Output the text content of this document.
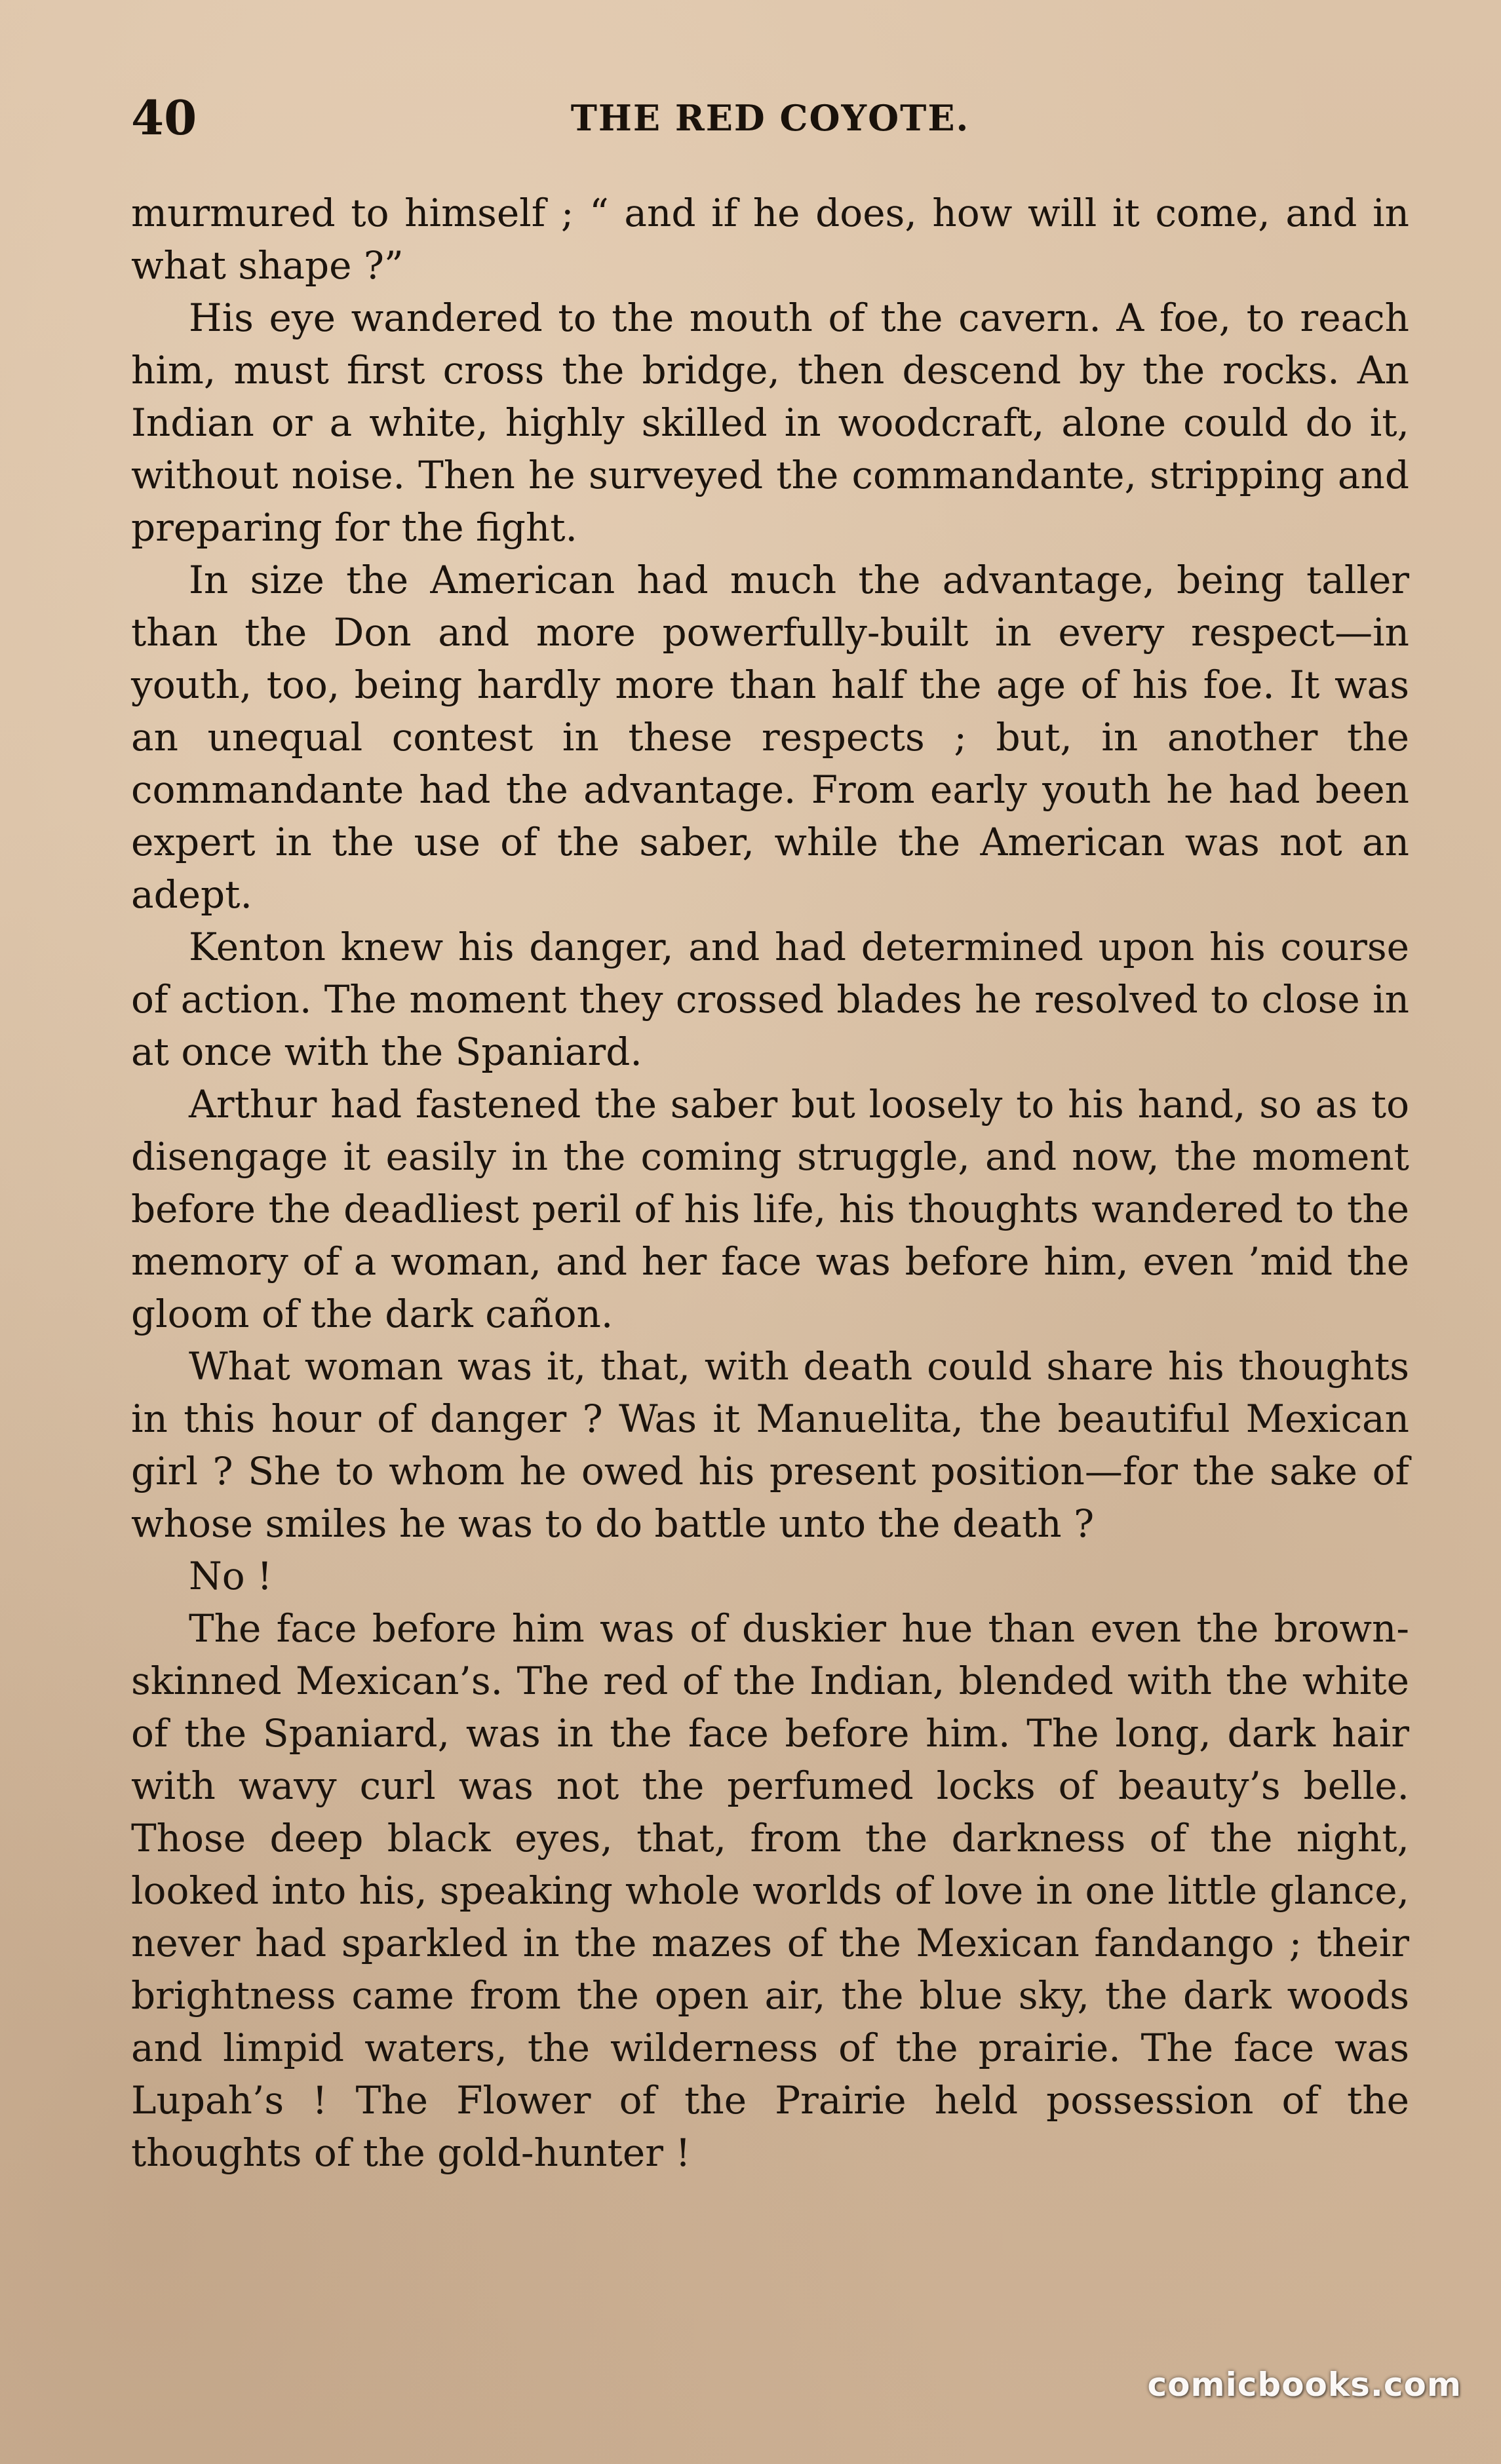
40	THE RED COYOTE.

murmured to himself ; “ and if he does, how will it come, and in what shape ?”

His eye wandered to the mouth of the cavern. A foe, to reach him, must first cross the bridge, then descend by the rocks. An Indian or a white, highly skilled in woodcraft, alone could do it, without noise. Then he surveyed the commandante, stripping and preparing for the fight.

In size the American had much the advantage, being taller than the Don and more powerfully-built in every respect—in youth, too, being hardly more than half the age of his foe. It was an unequal contest in these respects ; but, in another the commandante had the advantage. From early youth he had been expert in the use of the saber, while the American was not an adept.

Kenton knew his danger, and had determined upon his course of action. The moment they crossed blades he resolved to close in at once with the Spaniard.

Arthur had fastened the saber but loosely to his hand, so as to disengage it easily in the coming struggle, and now, the moment before the deadliest peril of his life, his thoughts wandered to the memory of a woman, and her face was before him, even ’mid the gloom of the dark cañon.

What woman was it, that, with death could share his thoughts in this hour of danger ? Was it Manuelita, the beautiful Mexican girl ? She to whom he owed his present position—for the sake of whose smiles he was to do battle unto the death ?

No !

The face before him was of duskier hue than even the brown-skinned Mexican’s. The red of the Indian, blended with the white of the Spaniard, was in the face before him. The long, dark hair with wavy curl was not the perfumed locks of beauty’s belle. Those deep black eyes, that, from the darkness of the night, looked into his, speaking whole worlds of love in one little glance, never had sparkled in the mazes of the Mexican fandango ; their brightness came from the open air, the blue sky, the dark woods and limpid waters, the wilderness of the prairie. The face was Lupah’s ! The Flower of the Prairie held possession of the thoughts of the gold-hunter !

comicbooks.com
